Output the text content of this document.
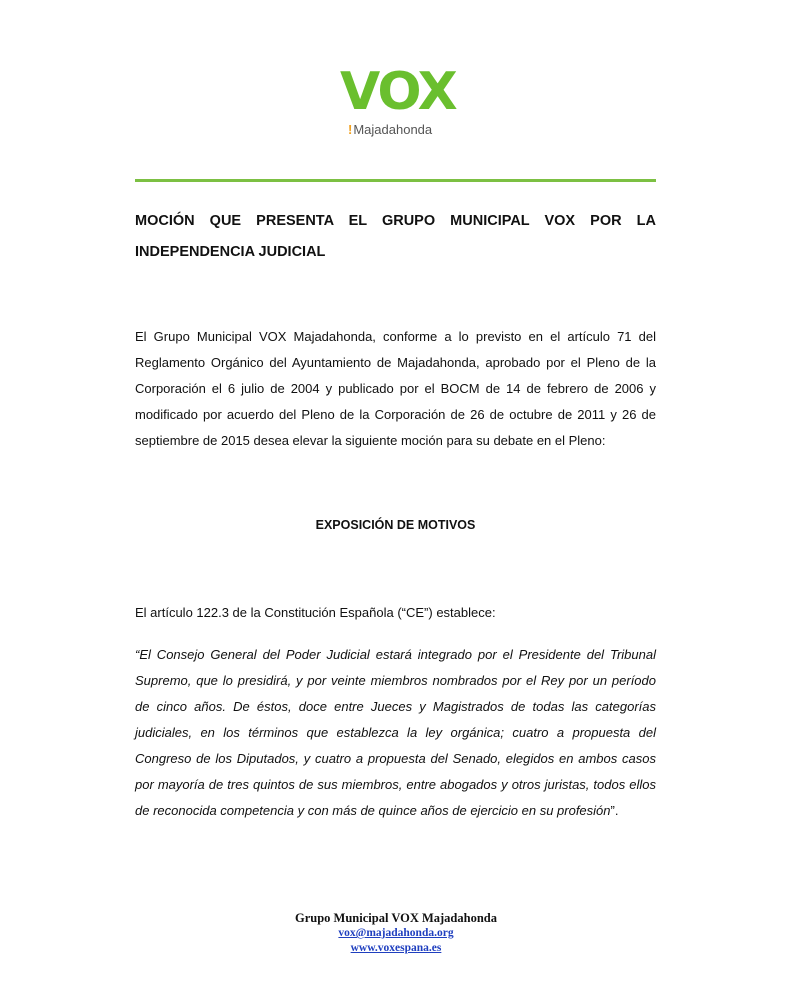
VOX
!Majadahonda
MOCIÓN QUE PRESENTA EL GRUPO MUNICIPAL VOX POR LA
INDEPENDENCIA JUDICIAL
El Grupo Municipal VOX Majadahonda, conforme a lo previsto en el artículo 71 del Reglamento Orgánico del Ayuntamiento de Majadahonda, aprobado por el Pleno de la Corporación el 6 julio de 2004 y publicado por el BOCM de 14 de febrero de 2006 y modificado por acuerdo del Pleno de la Corporación de 26 de octubre de 2011 y 26 de septiembre de 2015 desea elevar la siguiente moción para su debate en el Pleno:
EXPOSICIÓN DE MOTIVOS
El artículo 122.3 de la Constitución Española (“CE”) establece:
“El Consejo General del Poder Judicial estará integrado por el Presidente del Tribunal Supremo, que lo presidirá, y por veinte miembros nombrados por el Rey por un período de cinco años. De éstos, doce entre Jueces y Magistrados de todas las categorías judiciales, en los términos que establezca la ley orgánica; cuatro a propuesta del Congreso de los Diputados, y cuatro a propuesta del Senado, elegidos en ambos casos por mayoría de tres quintos de sus miembros, entre abogados y otros juristas, todos ellos de reconocida competencia y con más de quince años de ejercicio en su profesión”.
Grupo Municipal VOX Majadahonda
vox@majadahonda.org
www.voxespana.es
